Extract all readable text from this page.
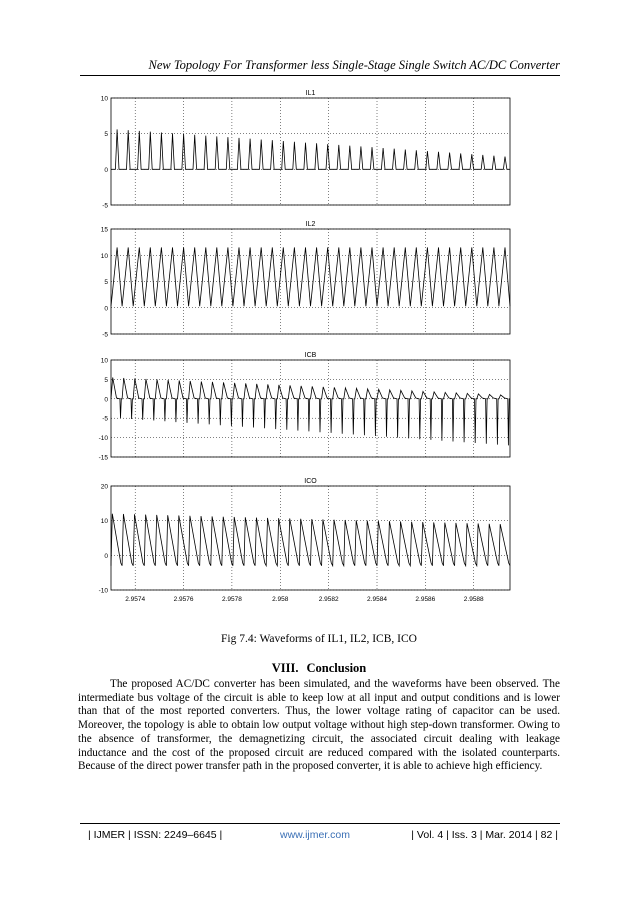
New Topology For Transformer less Single-Stage Single Switch AC/DC Converter
10
5
0
-5
IL1
15
10
5
0
-5
IL2
10
5
0
-5
-10
-15
ICB
20
10
0
-10
ICO
2.9574	2.9576	2.9578	2.958	2.9582	2.9584	2.9586	2.9588
Fig 7.4: Waveforms of IL1, IL2, ICB, ICO
VIII. Conclusion

The proposed AC/DC converter has been simulated, and the waveforms have been observed. The intermediate bus voltage of the circuit is able to keep low at all input and output conditions and is lower than that of the most reported converters. Thus, the lower voltage rating of capacitor can be used. Moreover, the topology is able to obtain low output voltage without high step-down transformer. Owing to the absence of transformer, the demagnetizing circuit, the associated circuit dealing with leakage inductance and the cost of the proposed circuit are reduced compared with the isolated counterparts. Because of the direct power transfer path in the proposed converter, it is able to achieve high efficiency.

| IJMER | ISSN: 2249–6645 |	www.ijmer.com	| Vol. 4 | Iss. 3 | Mar. 2014 | 82 |
